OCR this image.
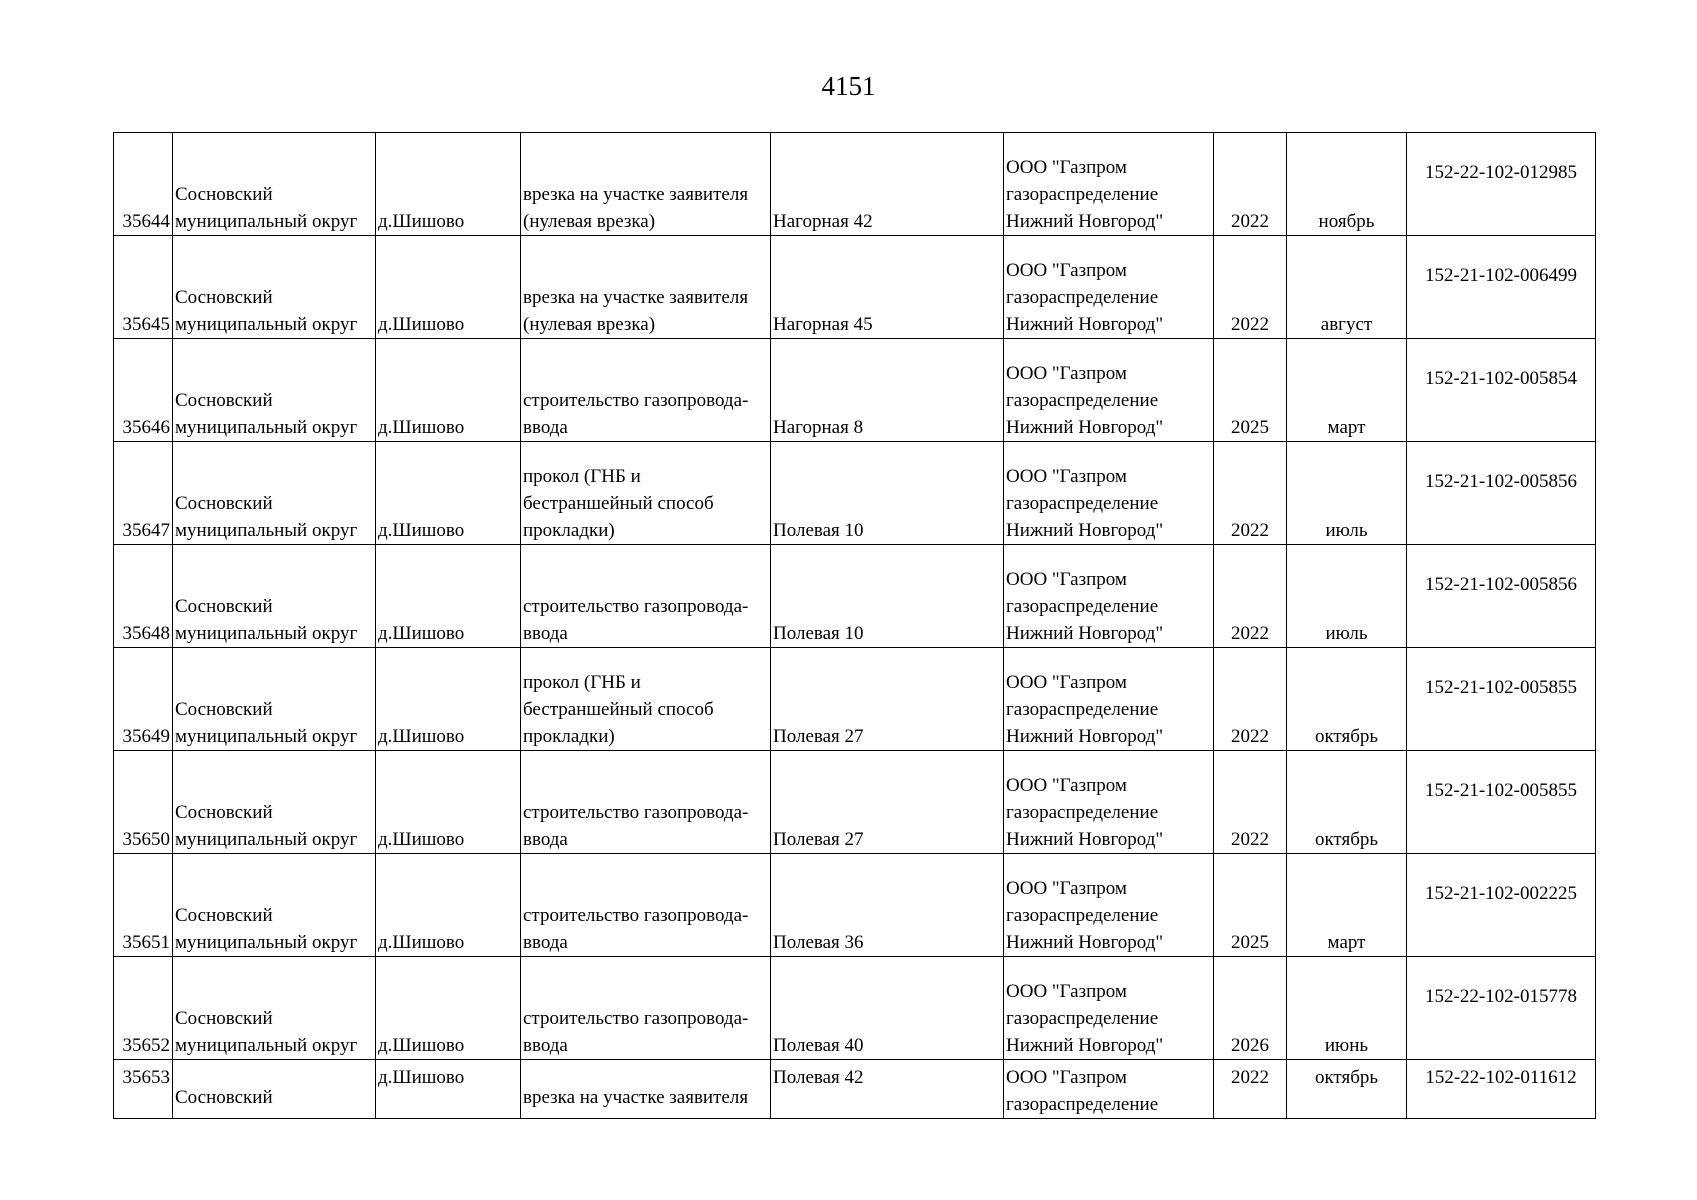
4151
35644	Сосновский
муниципальный округ	д.Шишово	врезка на участке заявителя
(нулевая врезка)	Нагорная 42	ООО "Газпром
газораспределение
Нижний Новгород"	2022	ноябрь	152-22-102-012985
35645	Сосновский
муниципальный округ	д.Шишово	врезка на участке заявителя
(нулевая врезка)	Нагорная 45	ООО "Газпром
газораспределение
Нижний Новгород"	2022	август	152-21-102-006499
35646	Сосновский
муниципальный округ	д.Шишово	строительство газопровода-
ввода	Нагорная 8	ООО "Газпром
газораспределение
Нижний Новгород"	2025	март	152-21-102-005854
35647	Сосновский
муниципальный округ	д.Шишово	прокол (ГНБ и
бестраншейный способ
прокладки)	Полевая 10	ООО "Газпром
газораспределение
Нижний Новгород"	2022	июль	152-21-102-005856
35648	Сосновский
муниципальный округ	д.Шишово	строительство газопровода-
ввода	Полевая 10	ООО "Газпром
газораспределение
Нижний Новгород"	2022	июль	152-21-102-005856
35649	Сосновский
муниципальный округ	д.Шишово	прокол (ГНБ и
бестраншейный способ
прокладки)	Полевая 27	ООО "Газпром
газораспределение
Нижний Новгород"	2022	октябрь	152-21-102-005855
35650	Сосновский
муниципальный округ	д.Шишово	строительство газопровода-
ввода	Полевая 27	ООО "Газпром
газораспределение
Нижний Новгород"	2022	октябрь	152-21-102-005855
35651	Сосновский
муниципальный округ	д.Шишово	строительство газопровода-
ввода	Полевая 36	ООО "Газпром
газораспределение
Нижний Новгород"	2025	март	152-21-102-002225
35652	Сосновский
муниципальный округ	д.Шишово	строительство газопровода-
ввода	Полевая 40	ООО "Газпром
газораспределение
Нижний Новгород"	2026	июнь	152-22-102-015778
35653	Сосновский	д.Шишово	врезка на участке заявителя	Полевая 42	ООО "Газпром
газораспределение	2022	октябрь	152-22-102-011612
